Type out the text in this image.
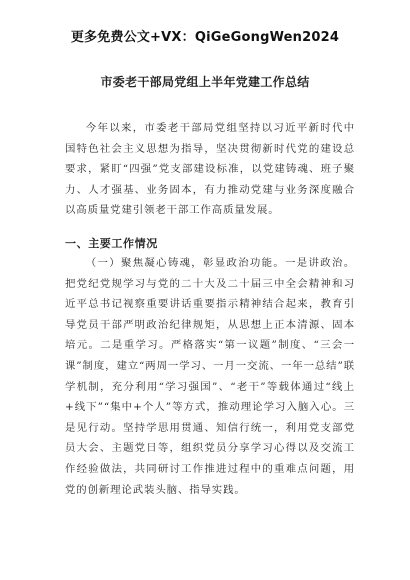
更多免费公文+VX：QiGeGongWen2024
市委老干部局党组上半年党建工作总结

今年以来，市委老干部局党组坚持以习近平新时代中国特色社会主义思想为指导，坚决贯彻新时代党的建设总要求，紧盯“四强”党支部建设标准，以党建铸魂、班子聚力、人才强基、业务固本，有力推动党建与业务深度融合以高质量党建引领老干部工作高质量发展。

一、主要工作情况

（一）聚焦凝心铸魂，彰显政治功能。一是讲政治。把党纪党规学习与党的二十大及二十届三中全会精神和习近平总书记视察重要讲话重要指示精神结合起来，教育引导党员干部严明政治纪律规矩，从思想上正本清源、固本培元。二是重学习。严格落实“第一议题”制度、“三会一课”制度，建立“两周一学习、一月一交流、一年一总结”联学机制，充分利用“学习强国”、“老干”等载体通过“线上+线下”“集中+个人”等方式，推动理论学习入脑入心。三是见行动。坚持学思用贯通、知信行统一，利用党支部党员大会、主题党日等，组织党员分享学习心得以及交流工作经验做法，共同研讨工作推进过程中的重难点问题，用党的创新理论武装头脑、指导实践。
